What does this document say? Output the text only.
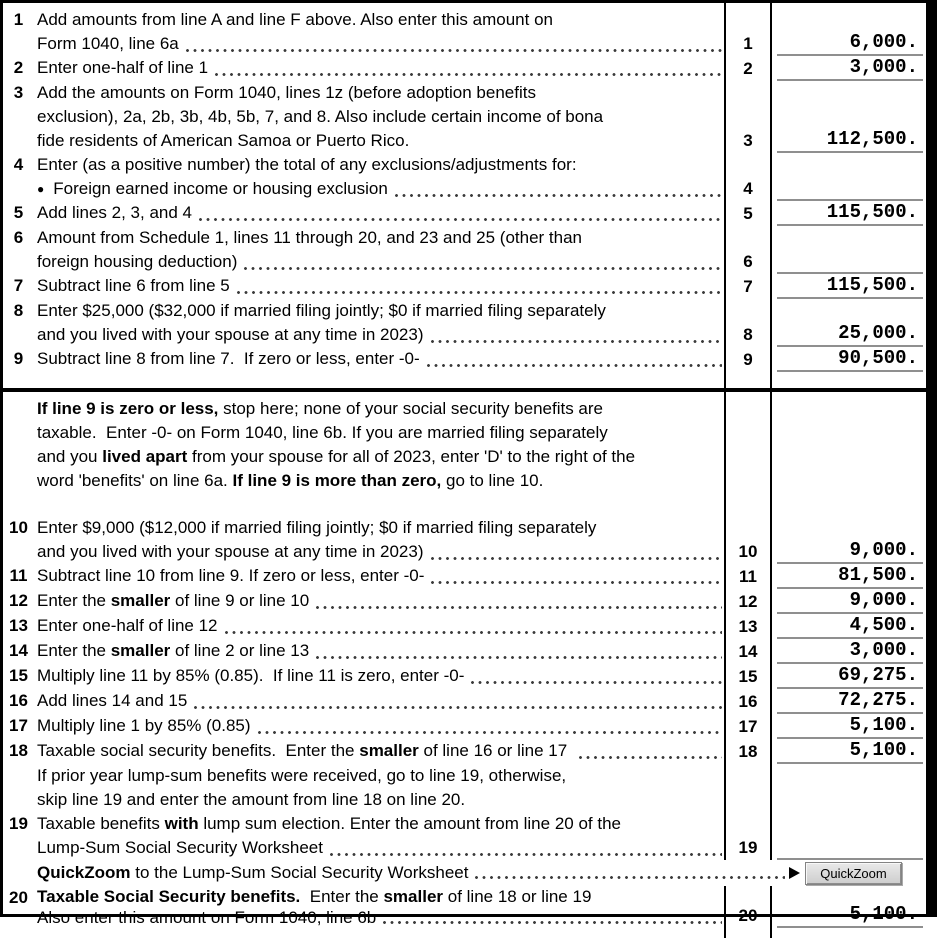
1 Add amounts from line A and line F above. Also enter this amount on
Form 1040, line 6a	1	6,000.
2 Enter one-half of line 1	2	3,000.
3 Add the amounts on Form 1040, lines 1z (before adoption benefits
exclusion), 2a, 2b, 3b, 4b, 5b, 7, and 8. Also include certain income of bona
fide residents of American Samoa or Puerto Rico.	3	112,500.
4 Enter (as a positive number) the total of any exclusions/adjustments for:
● Foreign earned income or housing exclusion	4

5 Add lines 2, 3, and 4	5	115,500.
6 Amount from Schedule 1, lines 11 through 20, and 23 and 25 (other than
foreign housing deduction)	6

7 Subtract line 6 from line 5	7	115,500.
8 Enter $25,000 ($32,000 if married filing jointly; $0 if married filing separately
and you lived with your spouse at any time in 2023)	8	25,000.
9 Subtract line 8 from line 7.  If zero or less, enter -0-	9	90,500.
If line 9 is zero or less, stop here; none of your social security benefits are
taxable.  Enter -0- on Form 1040, line 6b. If you are married filing separately
and you lived apart from your spouse for all of 2023, enter 'D' to the right of the
word 'benefits' on line 6a. If line 9 is more than zero, go to line 10.
10 Enter $9,000 ($12,000 if married filing jointly; $0 if married filing separately
and you lived with your spouse at any time in 2023)	10	9,000.
11 Subtract line 10 from line 9. If zero or less, enter -0-	11	81,500.
12 Enter the smaller of line 9 or line 10	12	9,000.
13 Enter one-half of line 12	13	4,500.
14 Enter the smaller of line 2 or line 13	14	3,000.
15 Multiply line 11 by 85% (0.85).  If line 11 is zero, enter -0-	15	69,275.
16 Add lines 14 and 15	16	72,275.
17 Multiply line 1 by 85% (0.85)	17	5,100.
18 Taxable social security benefits.  Enter the smaller of line 16 or line 17	18	5,100.
If prior year lump-sum benefits were received, go to line 19, otherwise,
skip line 19 and enter the amount from line 18 on line 20.
19 Taxable benefits with lump sum election. Enter the amount from line 20 of the
Lump-Sum Social Security Worksheet	19

QuickZoom to the Lump-Sum Social Security Worksheet	QuickZoom
20 Taxable Social Security benefits. Enter the smaller of line 18 or line 19
Also enter this amount on Form 1040, line 6b	20	5,100.
